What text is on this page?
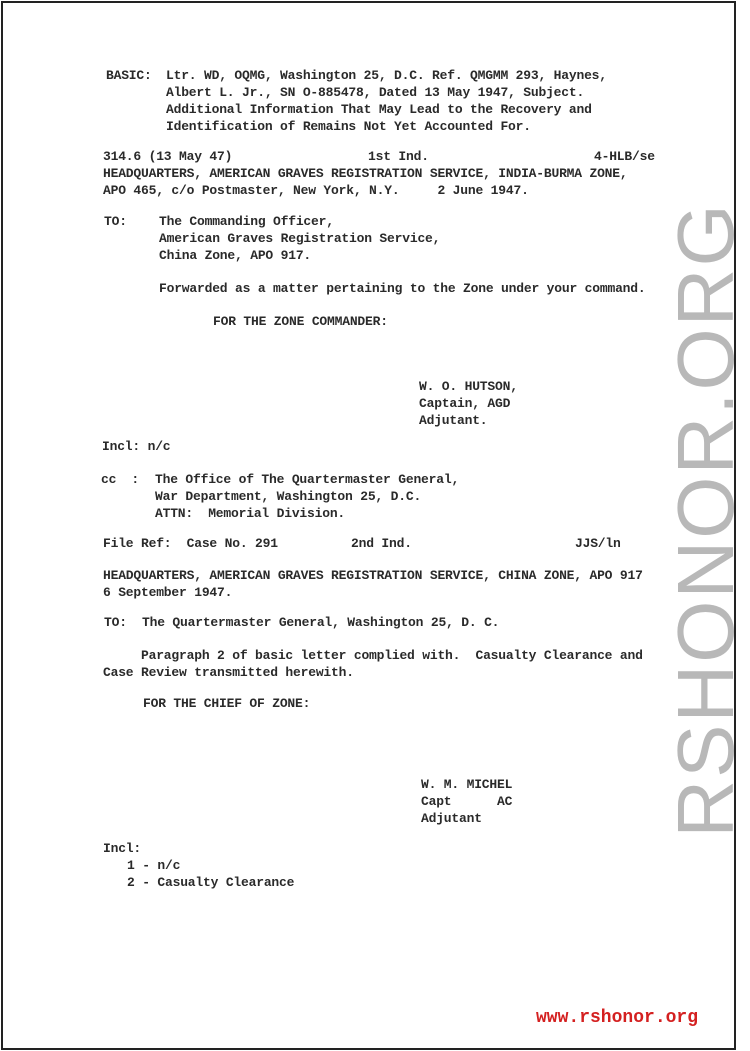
RSHONOR.ORG
BASIC: Ltr. WD, OQMG, Washington 25, D.C. Ref. QMGMM 293, Haynes,
Albert L. Jr., SN O-885478, Dated 13 May 1947, Subject.
Additional Information That May Lead to the Recovery and
Identification of Remains Not Yet Accounted For.
314.6 (13 May 47)	1st Ind.	4-HLB/se
HEADQUARTERS, AMERICAN GRAVES REGISTRATION SERVICE, INDIA-BURMA ZONE,
APO 465, c/o Postmaster, New York, N.Y.     2 June 1947.
TO: The Commanding Officer,
American Graves Registration Service,
China Zone, APO 917.
Forwarded as a matter pertaining to the Zone under your command.
FOR THE ZONE COMMANDER:
W. O. HUTSON,
Captain, AGD
Adjutant.
Incl: n/c
cc  : The Office of The Quartermaster General,
War Department, Washington 25, D.C.
ATTN:  Memorial Division.
File Ref:  Case No. 291	2nd Ind.	JJS/ln
HEADQUARTERS, AMERICAN GRAVES REGISTRATION SERVICE, CHINA ZONE, APO 917
6 September 1947.
TO:  The Quartermaster General, Washington 25, D. C.
Paragraph 2 of basic letter complied with.  Casualty Clearance and
Case Review transmitted herewith.
FOR THE CHIEF OF ZONE:
W. M. MICHEL
Capt      AC
Adjutant
Incl:
1 - n/c
2 - Casualty Clearance
www.rshonor.org
